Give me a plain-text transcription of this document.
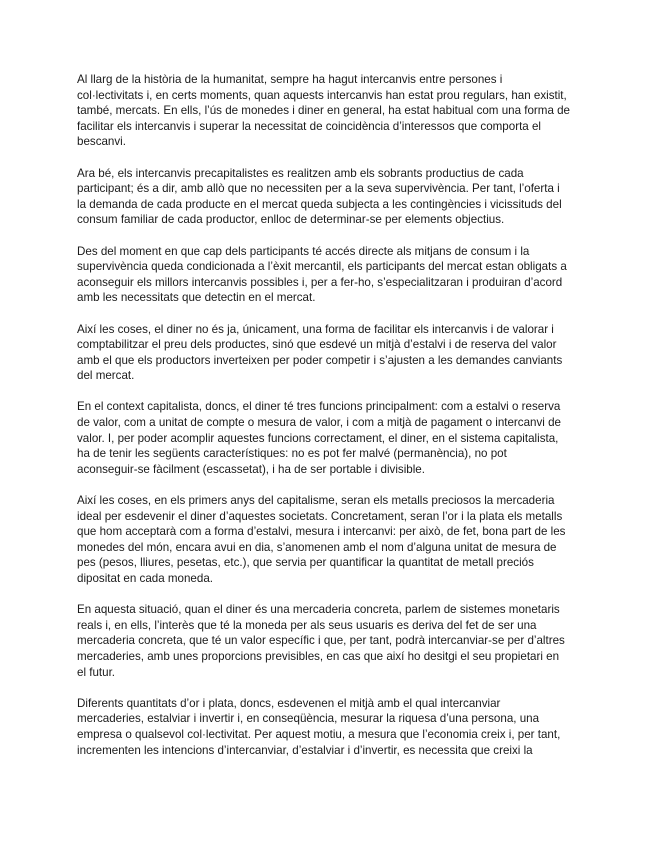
Al llarg de la història de la humanitat, sempre ha hagut intercanvis entre persones i
col·lectivitats i, en certs moments, quan aquests intercanvis han estat prou regulars, han existit,
també, mercats. En ells, l’ús de monedes i diner en general, ha estat habitual com una forma de
facilitar els intercanvis i superar la necessitat de coincidència d’interessos que comporta el
bescanvi.

Ara bé, els intercanvis precapitalistes es realitzen amb els sobrants productius de cada
participant; és a dir, amb allò que no necessiten per a la seva supervivència. Per tant, l’oferta i
la demanda de cada producte en el mercat queda subjecta a les contingències i vicissituds del
consum familiar de cada productor, enlloc de determinar-se per elements objectius.

Des del moment en que cap dels participants té accés directe als mitjans de consum i la
supervivència queda condicionada a l’èxit mercantil, els participants del mercat estan obligats a
aconseguir els millors intercanvis possibles i, per a fer-ho, s’especialitzaran i produiran d’acord
amb les necessitats que detectin en el mercat.

Així les coses, el diner no és ja, únicament, una forma de facilitar els intercanvis i de valorar i
comptabilitzar el preu dels productes, sinó que esdevé un mitjà d’estalvi i de reserva del valor
amb el que els productors inverteixen per poder competir i s’ajusten a les demandes canviants
del mercat.

En el context capitalista, doncs, el diner té tres funcions principalment: com a estalvi o reserva
de valor, com a unitat de compte o mesura de valor, i com a mitjà de pagament o intercanvi de
valor. I, per poder acomplir aquestes funcions correctament, el diner, en el sistema capitalista,
ha de tenir les següents característiques: no es pot fer malvé (permanència), no pot
aconseguir-se fàcilment (escassetat), i ha de ser portable i divisible.

Així les coses, en els primers anys del capitalisme, seran els metalls preciosos la mercaderia
ideal per esdevenir el diner d’aquestes societats. Concretament, seran l’or i la plata els metalls
que hom acceptarà com a forma d’estalvi, mesura i intercanvi: per això, de fet, bona part de les
monedes del món, encara avui en dia, s’anomenen amb el nom d’alguna unitat de mesura de
pes (pesos, lliures, pesetas, etc.), que servia per quantificar la quantitat de metall preciós
dipositat en cada moneda.

En aquesta situació, quan el diner és una mercaderia concreta, parlem de sistemes monetaris
reals i, en ells, l’interès que té la moneda per als seus usuaris es deriva del fet de ser una
mercaderia concreta, que té un valor específic i que, per tant, podrà intercanviar-se per d’altres
mercaderies, amb unes proporcions previsibles, en cas que així ho desitgi el seu propietari en
el futur.

Diferents quantitats d’or i plata, doncs, esdevenen el mitjà amb el qual intercanviar
mercaderies, estalviar i invertir i, en conseqüència, mesurar la riquesa d’una persona, una
empresa o qualsevol col·lectivitat. Per aquest motiu, a mesura que l’economia creix i, per tant,
incrementen les intencions d’intercanviar, d’estalviar i d’invertir, es necessita que creixi la
